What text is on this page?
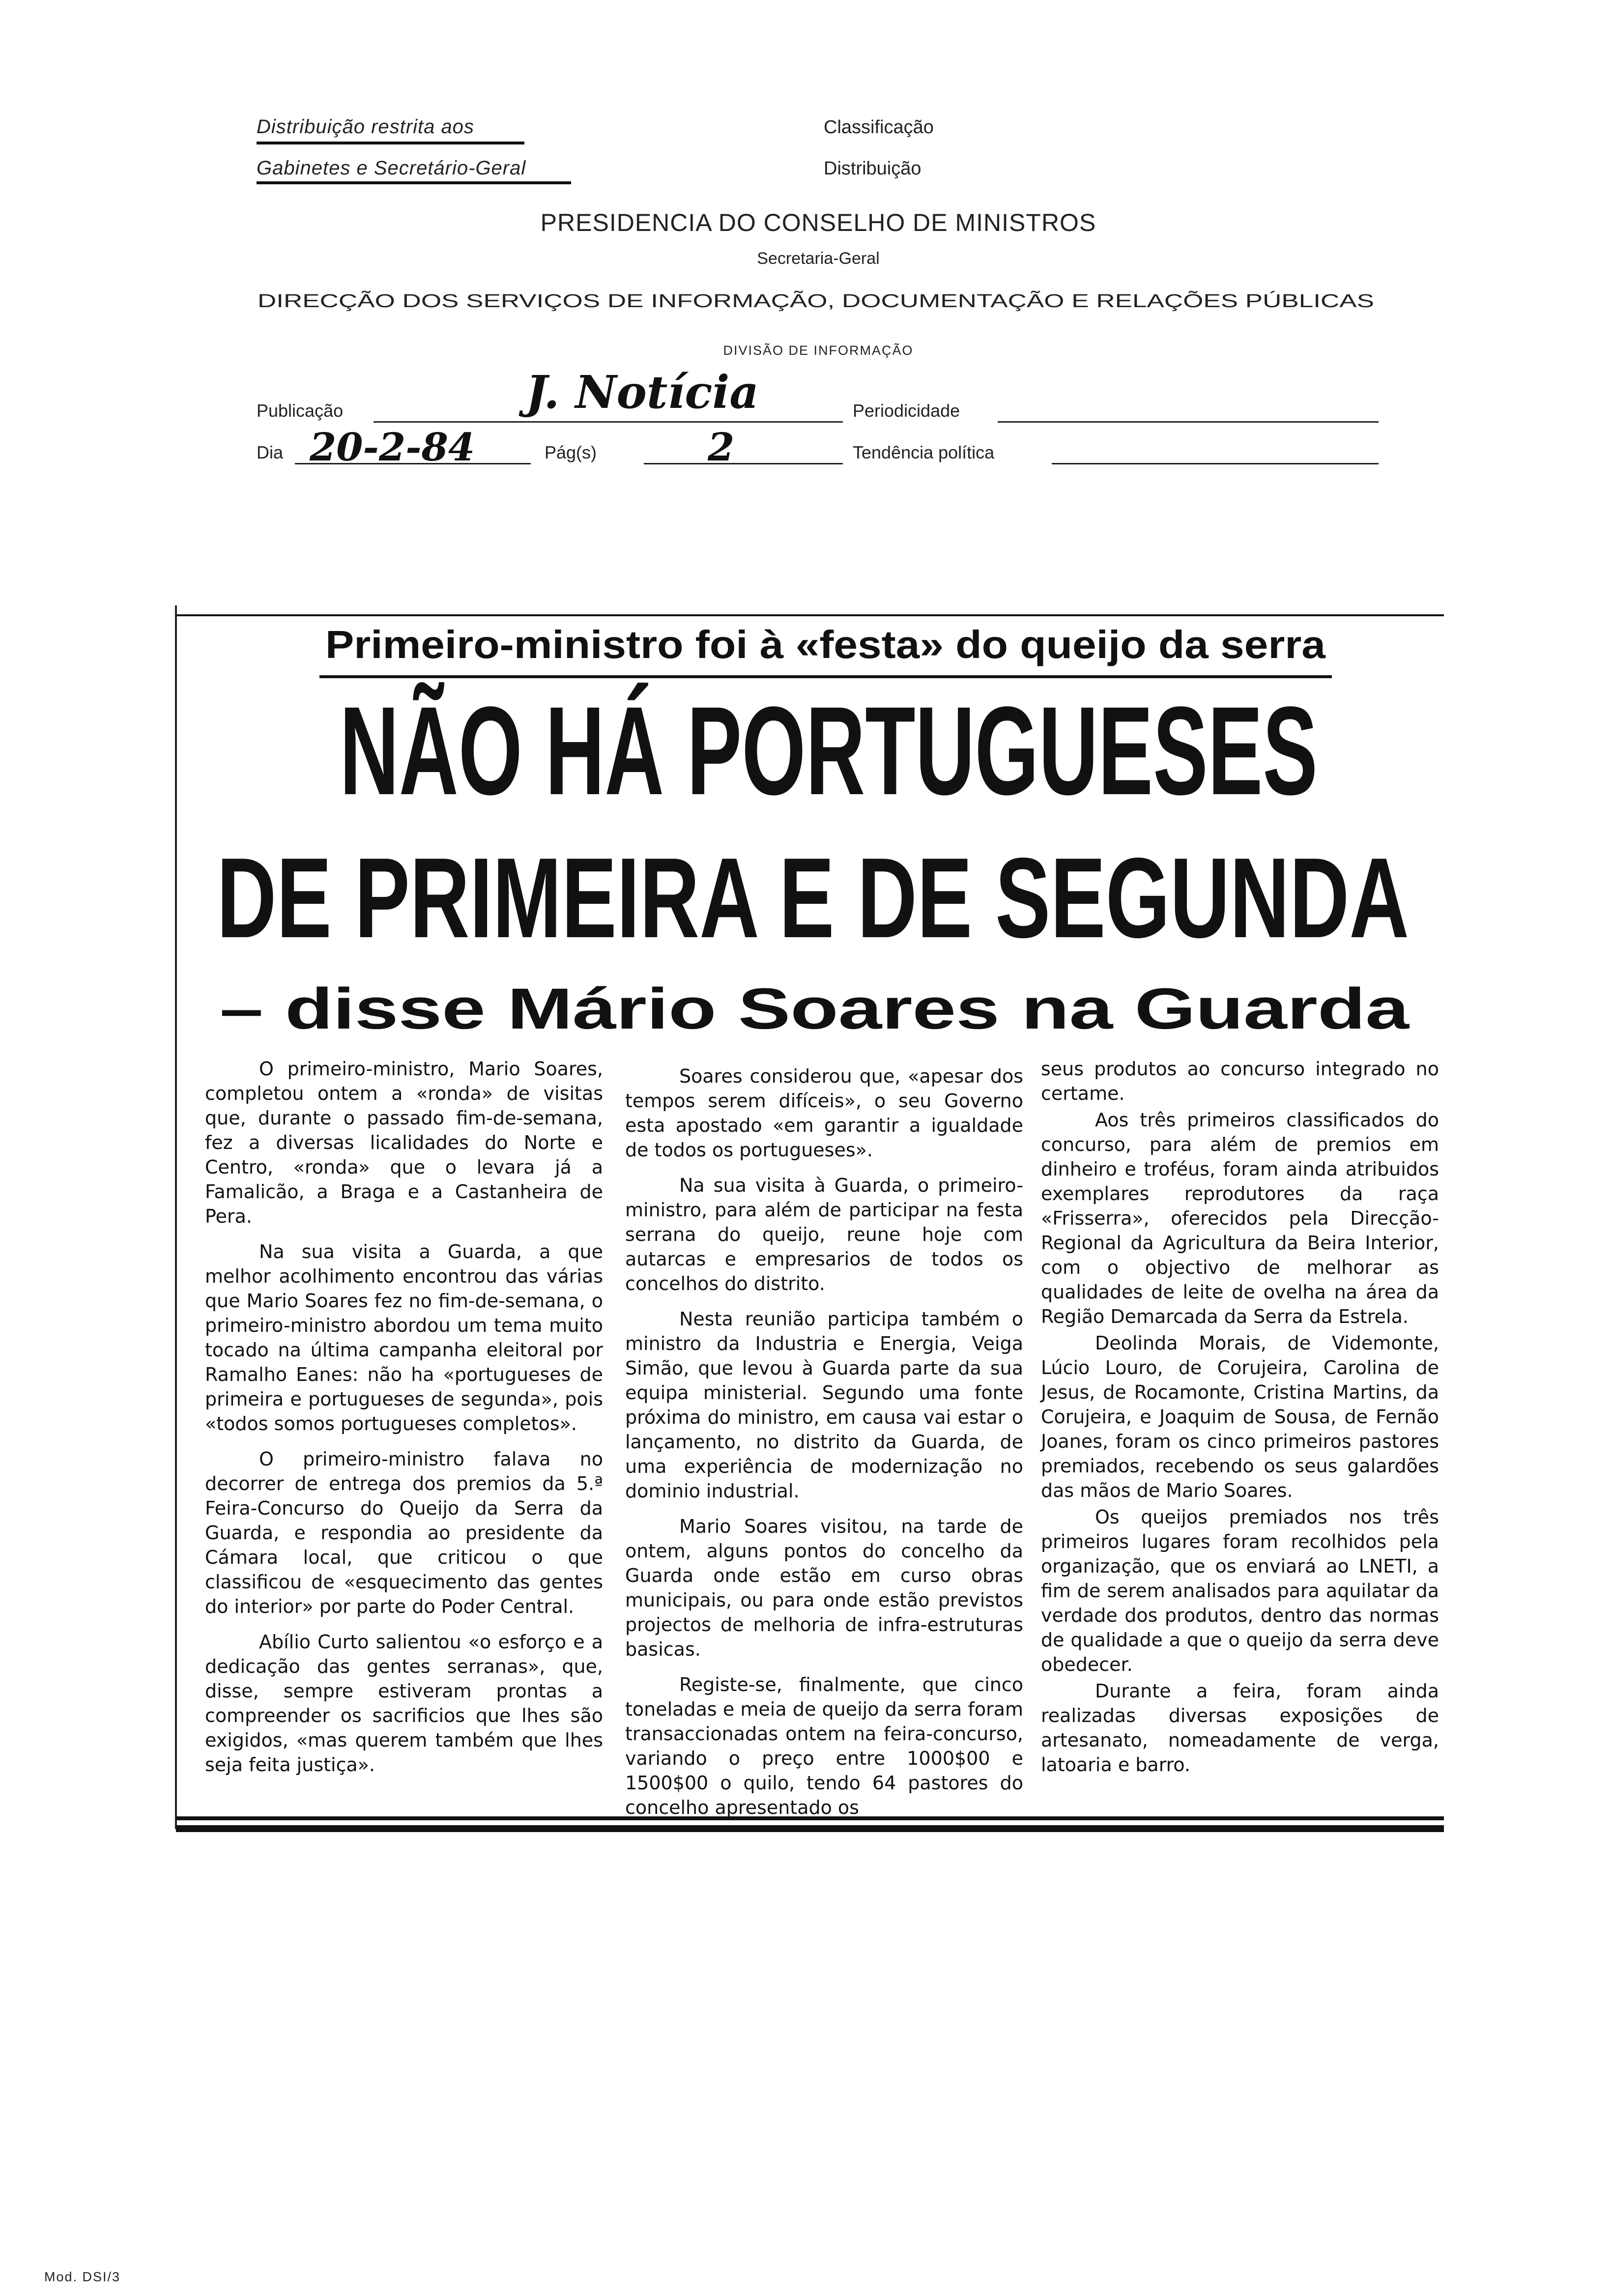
Distribuição restrita aos
Gabinetes e Secretário-Geral
Classificação
Distribuição
PRESIDENCIA DO CONSELHO DE MINISTROS
Secretaria-Geral
DIRECÇÃO DOS SERVIÇOS DE INFORMAÇÃO, DOCUMENTAÇÃO E RELAÇÕES PÚBLICAS
DIVISÃO DE INFORMAÇÃO
Publicação	J. Notícia	Periodicidade
Dia 20-2-84	Pág(s)	2	Tendência política
Primeiro-ministro foi à «festa» do queijo da serra
NÃO HÁ PORTUGUESES
DE PRIMEIRA E DE SEGUNDA
– disse Mário Soares na Guarda

O primeiro-ministro, Mario Soares, completou ontem a «ronda» de visitas que, durante o passado fim-de-semana, fez a diversas licalidades do Norte e Centro, «ronda» que o levara já a Famalicão, a Braga e a Castanheira de Pera.

Na sua visita a Guarda, a que melhor acolhimento encontrou das várias que Mario Soares fez no fim-de-semana, o primeiro-ministro abordou um tema muito tocado na última campanha eleitoral por Ramalho Eanes: não ha «portugueses de primeira e portugueses de segunda», pois «todos somos portugueses completos».

O primeiro-ministro falava no decorrer de entrega dos premios da 5.ª Feira-Concurso do Queijo da Serra da Guarda, e respondia ao presidente da Cámara local, que criticou o que classificou de «esquecimento das gentes do interior» por parte do Poder Central.

Abílio Curto salientou «o esforço e a dedicação das gentes serranas», que, disse, sempre estiveram prontas a compreender os sacrificios que lhes são exigidos, «mas querem também que lhes seja feita justiça».

Soares considerou que, «apesar dos tempos serem difíceis», o seu Governo esta apostado «em garantir a igualdade de todos os portugueses».

Na sua visita à Guarda, o primeiro-ministro, para além de participar na festa serrana do queijo, reune hoje com autarcas e empresarios de todos os concelhos do distrito.

Nesta reunião participa também o ministro da Industria e Energia, Veiga Simão, que levou à Guarda parte da sua equipa ministerial. Segundo uma fonte próxima do ministro, em causa vai estar o lançamento, no distrito da Guarda, de uma experiência de modernização no dominio industrial.

Mario Soares visitou, na tarde de ontem, alguns pontos do concelho da Guarda onde estão em curso obras municipais, ou para onde estão previstos projectos de melhoria de infra-estruturas basicas.

Registe-se, finalmente, que cinco toneladas e meia de queijo da serra foram transaccionadas ontem na feira-concurso, variando o preço entre 1000$00 e 1500$00 o quilo, tendo 64 pastores do concelho apresentado os

seus produtos ao concurso integrado no certame.

Aos três primeiros classificados do concurso, para além de premios em dinheiro e troféus, foram ainda atribuidos exemplares reprodutores da raça «Frisserra», oferecidos pela Direcção-Regional da Agricultura da Beira Interior, com o objectivo de melhorar as qualidades de leite de ovelha na área da Região Demarcada da Serra da Estrela.

Deolinda Morais, de Videmonte, Lúcio Louro, de Corujeira, Carolina de Jesus, de Rocamonte, Cristina Martins, da Corujeira, e Joaquim de Sousa, de Fernão Joanes, foram os cinco primeiros pastores premiados, recebendo os seus galardões das mãos de Mario Soares.

Os queijos premiados nos três primeiros lugares foram recolhidos pela organização, que os enviará ao LNETI, a fim de serem analisados para aquilatar da verdade dos produtos, dentro das normas de qualidade a que o queijo da serra deve obedecer.

Durante a feira, foram ainda realizadas diversas exposições de artesanato, nomeadamente de verga, latoaria e barro.

Mod. DSI/3
